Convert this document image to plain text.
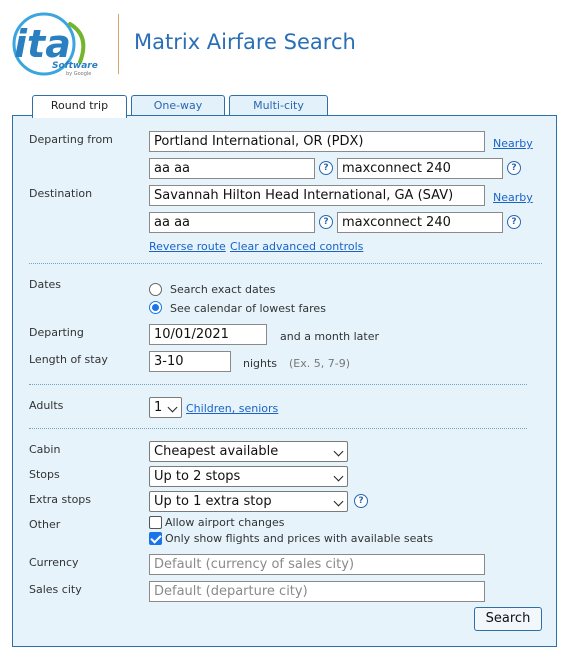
ita
Software
by Google
Matrix Airfare Search
Round trip	One-way	Multi-city
Departing from	Portland International, OR (PDX)	Nearby
aa aa	?	maxconnect 240	?
Destination	Savannah Hilton Head International, GA (SAV)	Nearby
aa aa	?	maxconnect 240	?
Reverse route Clear advanced controls
Dates	Search exact dates
See calendar of lowest fares
Departing	10/01/2021	and a month later
Length of stay	3-10	nights (Ex. 5, 7-9)
Adults	1	Children, seniors
Cabin	Cheapest available
Stops	Up to 2 stops
Extra stops	Up to 1 extra stop	?
Other	Allow airport changes
Only show flights and prices with available seats
Currency	Default (currency of sales city)
Sales city	Default (departure city)
Search
